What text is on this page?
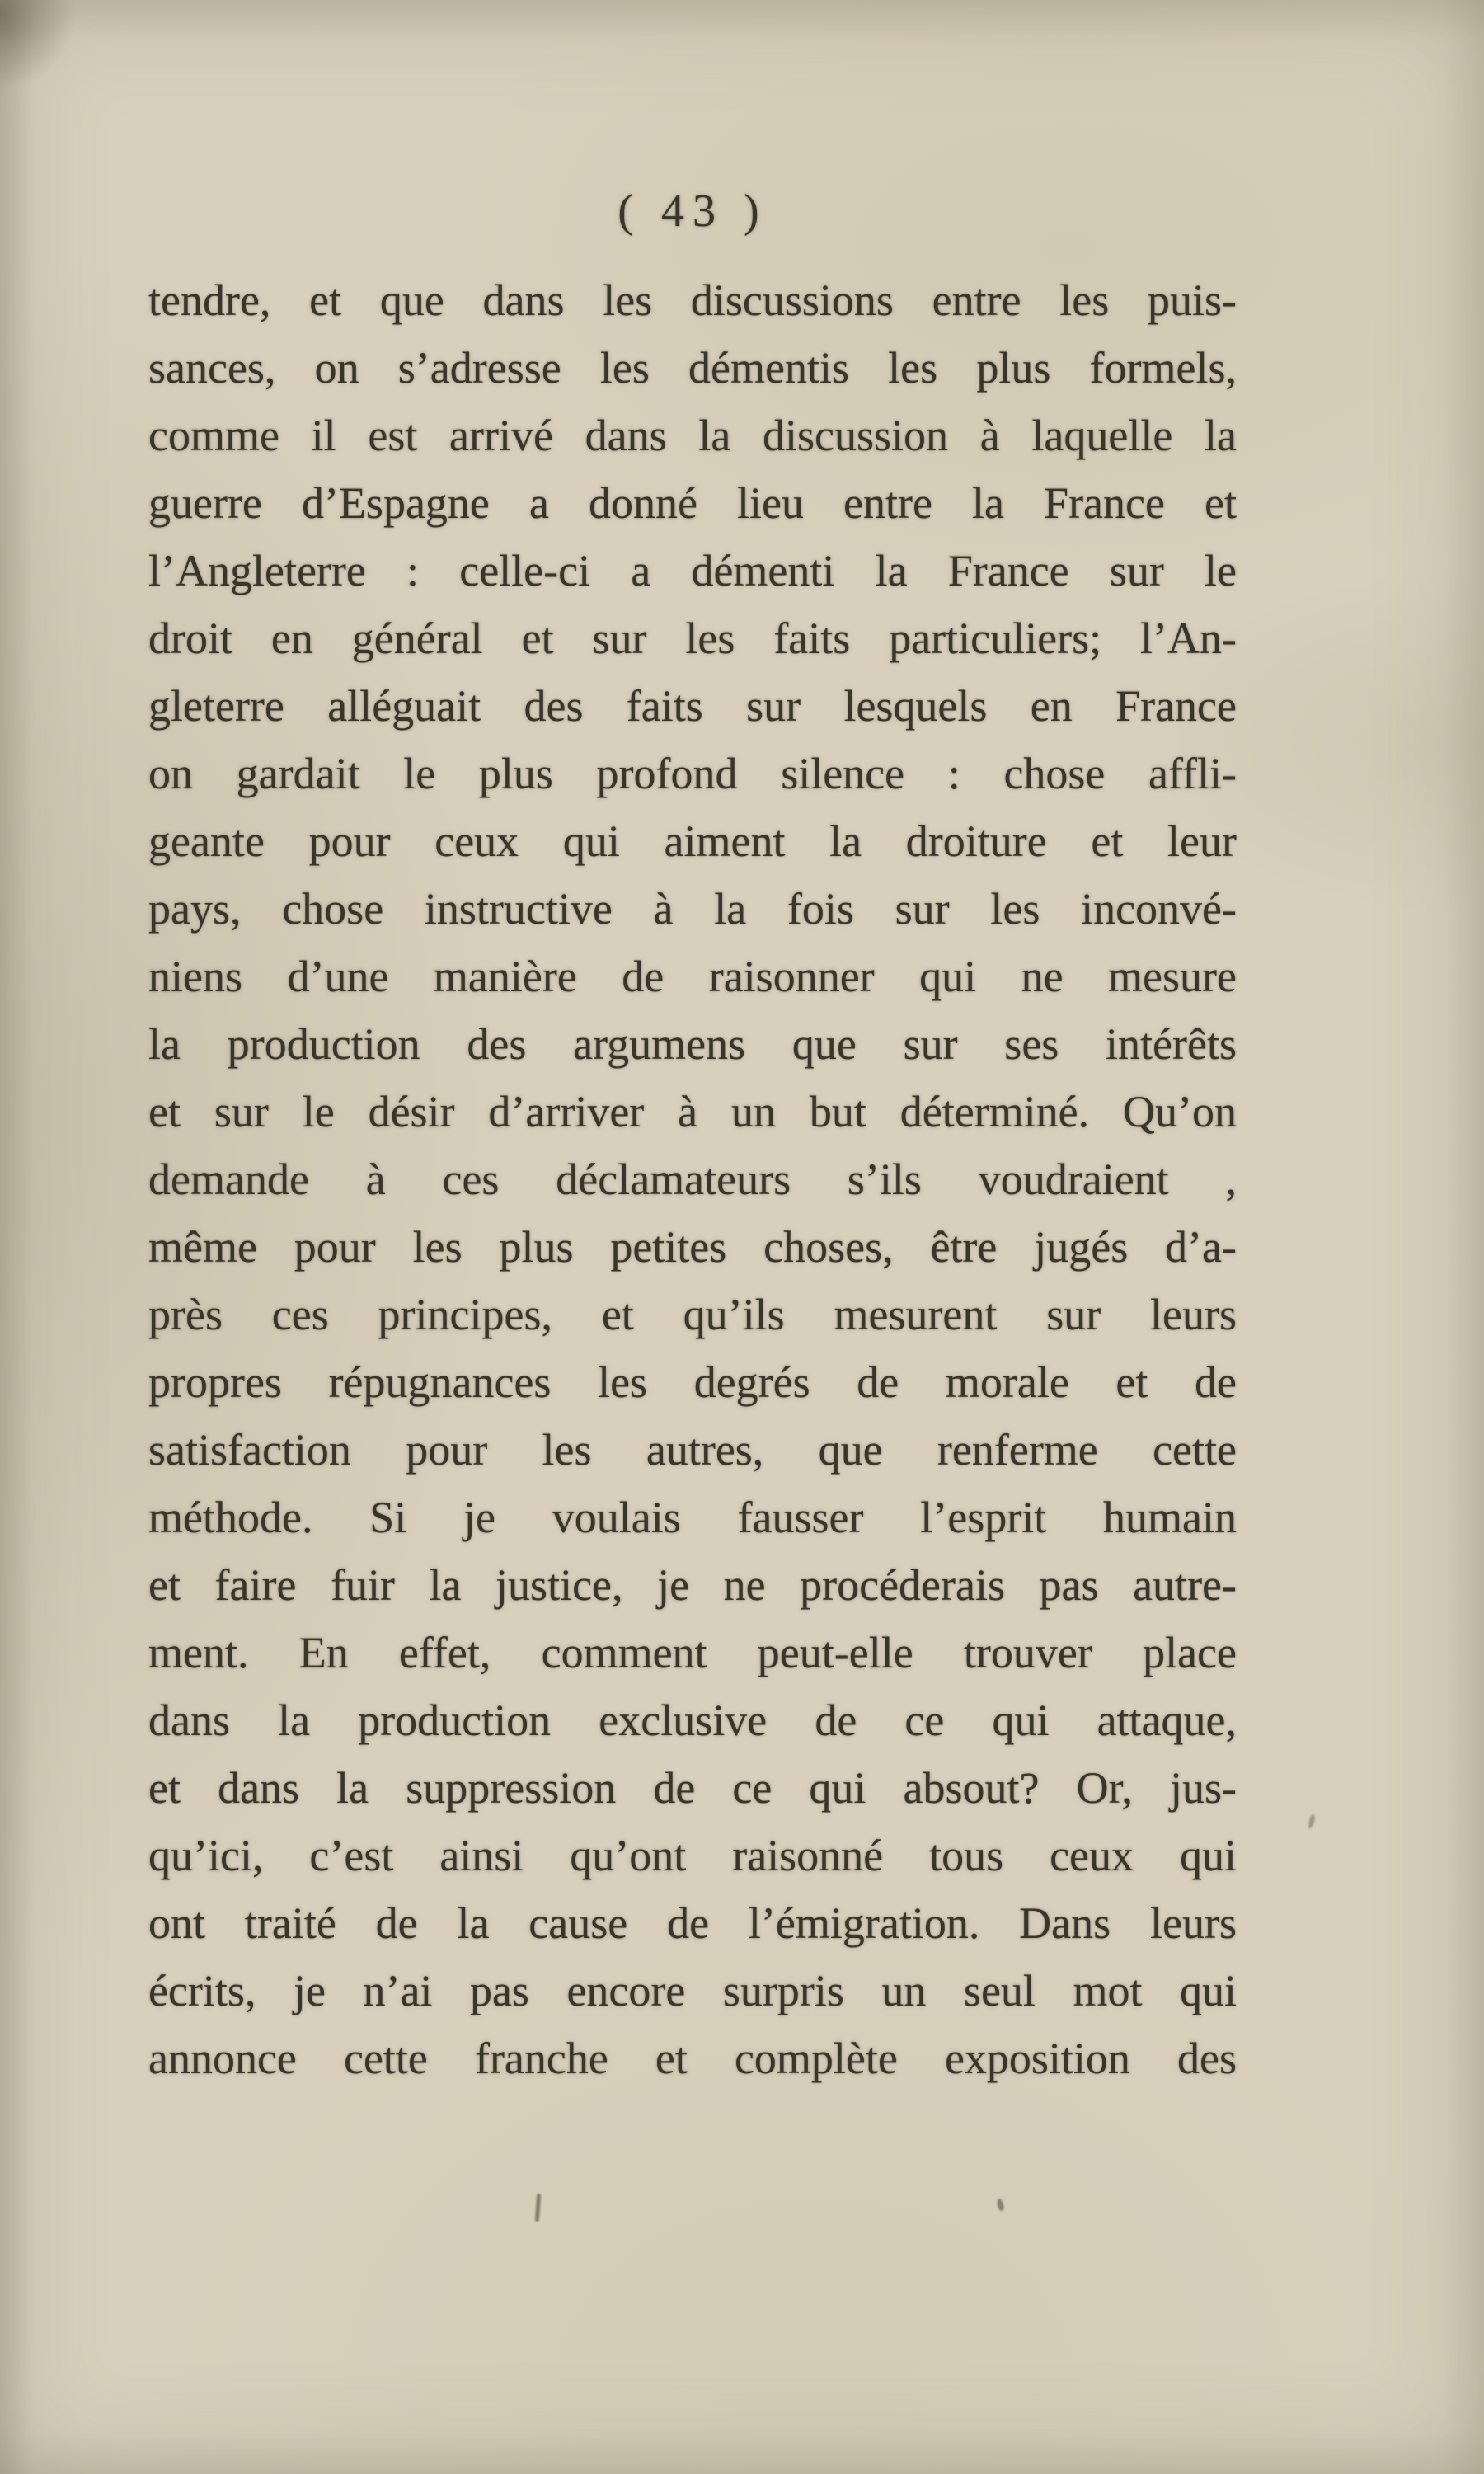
( 43 )
tendre, et que dans les discussions entre les puis-
sances, on s’adresse les démentis les plus formels, sances, on s’adresse les démentis les plus formels,
comme il est arrivé dans la discussion à laquelle la comme il est arrivé dans la discussion à laquelle la
guerre d’Espagne a donné lieu entre la France et
l’Angleterre : celle-ci a démenti la France sur le l’Angleterre : celle-ci a démenti la France sur le
droit en général et sur les faits particuliers; l’An-
gleterre alléguait des faits sur lesquels en France gleterre alléguait des faits sur lesquels en France
on gardait le plus profond silence : chose affli-
geante pour ceux qui aiment la droiture et leur
pays, chose instructive à la fois sur les inconvé- pays, chose instructive à la fois sur les inconvé-
niens d’une manière de raisonner qui ne mesure niens d’une manière de raisonner qui ne mesure
la production des argumens que sur ses intérêts
et sur le désir d’arriver à un but déterminé. Qu’on
demande à ces déclamateurs s’ils voudraient , demande à ces déclamateurs s’ils voudraient ,
même pour les plus petites choses, être jugés d’a- même pour les plus petites choses, être jugés d’a-
près ces principes, et qu’ils mesurent sur leurs
propres répugnances les degrés de morale et de
satisfaction pour les autres, que renferme cette satisfaction pour les autres, que renferme cette
méthode. Si je voulais fausser l’esprit humain méthode. Si je voulais fausser l’esprit humain
et faire fuir la justice, je ne procéderais pas autre-
ment. En effet, comment peut-elle trouver place
dans la production exclusive de ce qui attaque, dans la production exclusive de ce qui attaque,
et dans la suppression de ce qui absout? Or, jus-
qu’ici, c’est ainsi qu’ont raisonné tous ceux qui qu’ici, c’est ainsi qu’ont raisonné tous ceux qui
ont traité de la cause de l’émigration. Dans leurs
écrits, je n’ai pas encore surpris un seul mot qui écrits, je n’ai pas encore surpris un seul mot qui
annonce cette franche et complète exposition des
